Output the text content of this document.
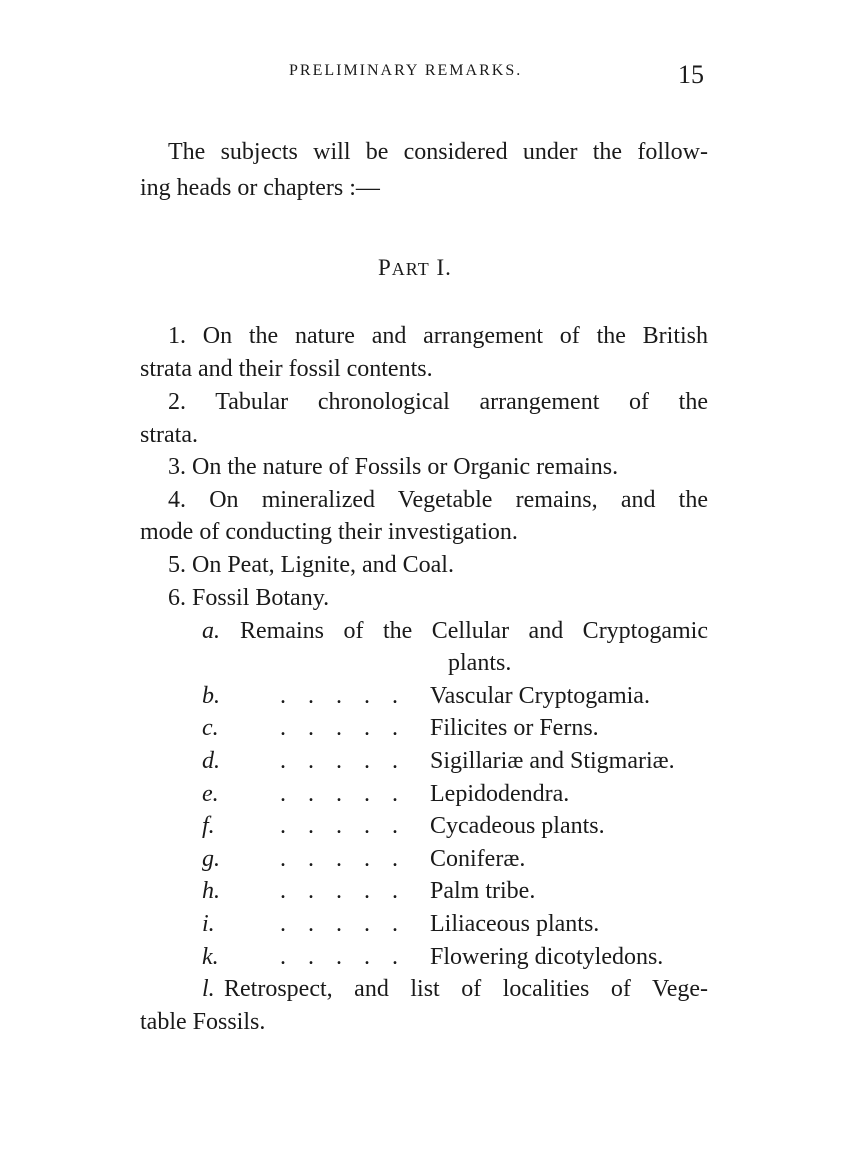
PRELIMINARY REMARKS.	15
The subjects will be considered under the follow-
ing heads or chapters :—
PART I.
1. On the nature and arrangement of the British
strata and their fossil contents.
2. Tabular chronological arrangement of the
strata.
3. On the nature of Fossils or Organic remains.
4. On mineralized Vegetable remains, and the
mode of conducting their investigation.
5. On Peat, Lignite, and Coal.
6. Fossil Botany.
a. Remains of the Cellular and Cryptogamic
plants.
b.	. . . . . Vascular Cryptogamia.
c.	. . . . . Filicites or Ferns.
d.	. . . . . Sigillariæ and Stigmariæ.
e.	. . . . . Lepidodendra.
f.	. . . . . Cycadeous plants.
g.	. . . . . Coniferæ.
h.	. . . . . Palm tribe.
i.	. . . . . Liliaceous plants.
k.	. . . . . Flowering dicotyledons.
l. Retrospect, and list of localities of Vege-
table Fossils.
